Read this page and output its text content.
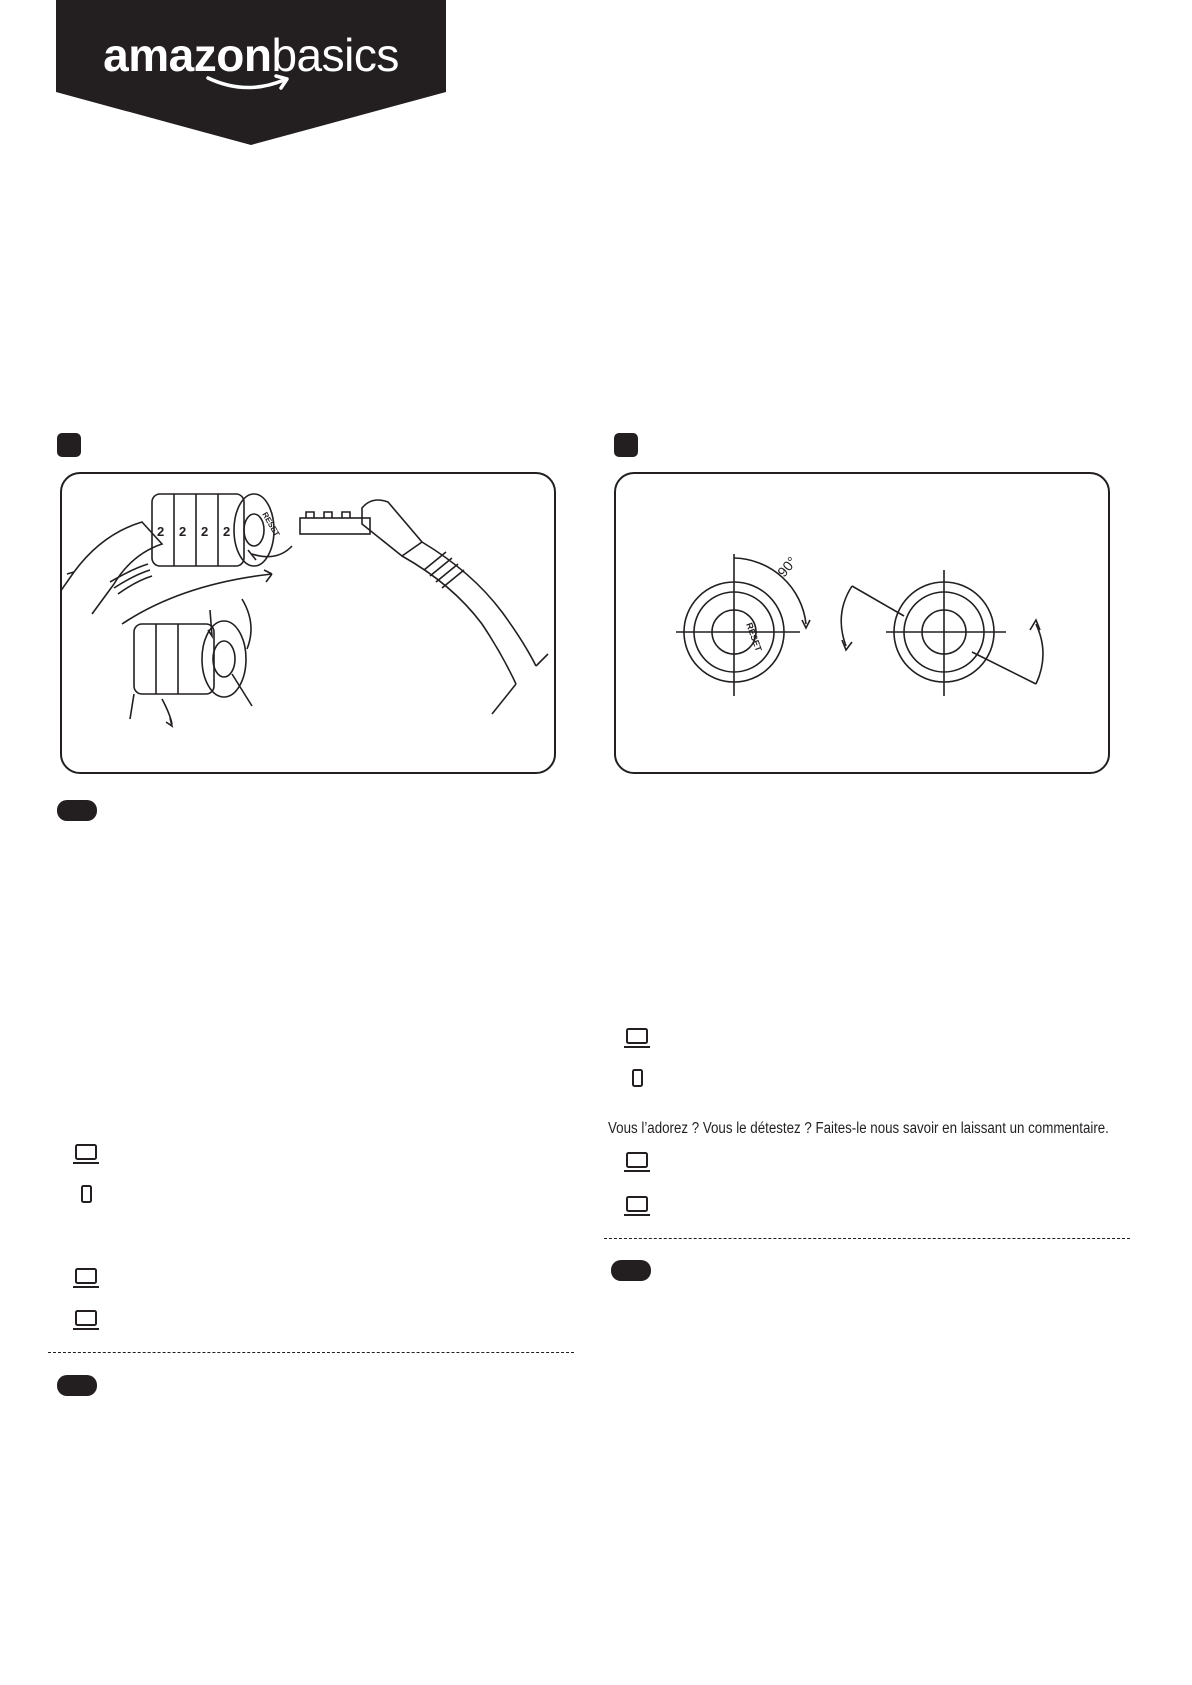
amazonbasics
2 2 2 2	RESET
90°
RESET
Vous l’adorez ? Vous le détestez ? Faites-le nous savoir en laissant un commentaire.
